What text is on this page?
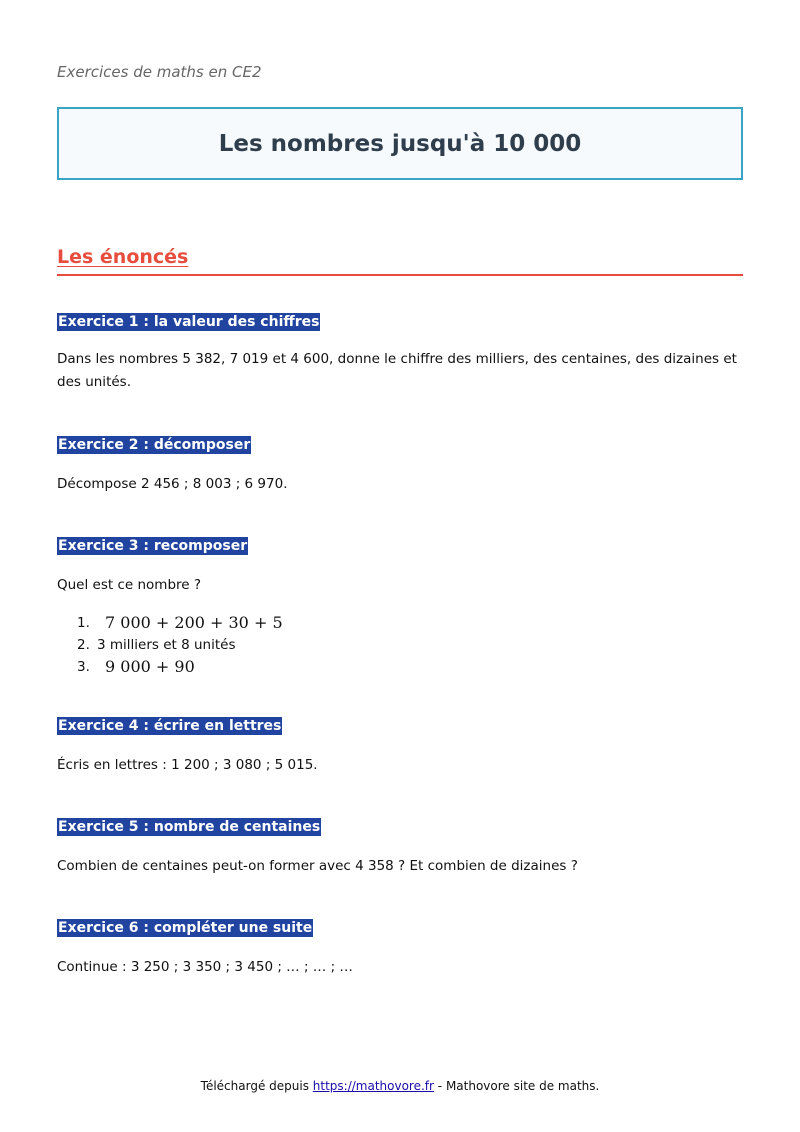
Exercices de maths en CE2
Les nombres jusqu'à 10 000
Les énoncés
Exercice 1 : la valeur des chiffres
Dans les nombres 5 382, 7 019 et 4 600, donne le chiffre des milliers, des centaines, des dizaines et des unités.
Exercice 2 : décomposer
Décompose 2 456 ; 8 003 ; 6 970.
Exercice 3 : recomposer
Quel est ce nombre ?
1. 7 000 + 200 + 30 + 5
2. 3 milliers et 8 unités
3. 9 000 + 90
Exercice 4 : écrire en lettres
Écris en lettres : 1 200 ; 3 080 ; 5 015.
Exercice 5 : nombre de centaines
Combien de centaines peut-on former avec 4 358 ? Et combien de dizaines ?
Exercice 6 : compléter une suite
Continue : 3 250 ; 3 350 ; 3 450 ; … ; … ; …
Téléchargé depuis https://mathovore.fr - Mathovore site de maths.
